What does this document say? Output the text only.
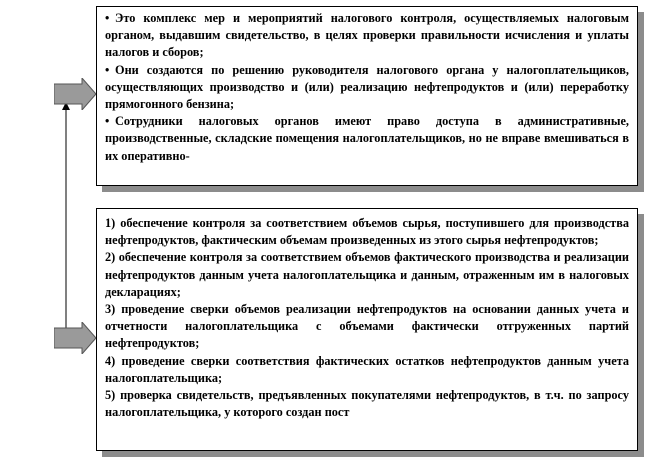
• Это комплекс мер и мероприятий налогового контроля, осуществляемых налоговым органом, выдавшим свидетельство, в целях проверки правильности исчисления и уплаты налогов и сборов;

• Они создаются по решению руководителя налогового органа у налогоплательщиков, осуществляющих производство и (или) реализацию нефтепродуктов и (или) переработку прямогонного бензина;

• Сотрудники налоговых органов имеют право доступа в административные, производственные, складские помещения налогоплательщиков, но не вправе вмешиваться в их оперативно-

1) обеспечение контроля за соответствием объемов сырья, поступившего для производства нефтепродуктов, фактическим объемам произведенных из этого сырья нефтепродуктов;

2) обеспечение контроля за соответствием объемов фактического производства и реализации нефтепродуктов данным учета налогоплательщика и данным, отраженным им в налоговых декларациях;

3) проведение сверки объемов реализации нефтепродуктов на основании данных учета и отчетности налогоплательщика с объемами фактически отгруженных партий нефтепродуктов;

4) проведение сверки соответствия фактических остатков нефтепродуктов данным учета налогоплательщика;

5) проверка свидетельств, предъявленных покупателями нефтепродуктов, в т.ч. по запросу налогоплательщика, у которого создан пост
